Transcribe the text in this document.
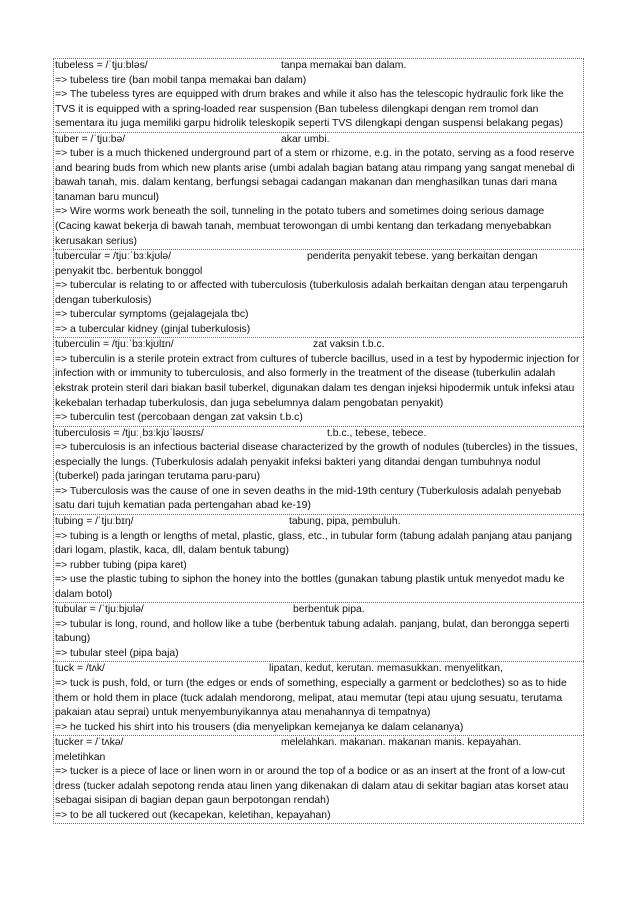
tubeless = /ˈtjuːbləs/	tanpa memakai ban dalam.
=> tubeless tire (ban mobil tanpa memakai ban dalam)
=> The tubeless tyres are equipped with drum brakes and while it also has the telescopic hydraulic fork like the TVS it is equipped with a spring-loaded rear suspension (Ban tubeless dilengkapi dengan rem tromol dan sementara itu juga memiliki garpu hidrolik teleskopik seperti TVS dilengkapi dengan suspensi belakang pegas)
tuber = /ˈtjuːbə/	akar umbi.
=> tuber is a much thickened underground part of a stem or rhizome, e.g. in the potato, serving as a food reserve and bearing buds from which new plants arise (umbi adalah bagian batang atau rimpang yang sangat menebal di bawah tanah, mis. dalam kentang, berfungsi sebagai cadangan makanan dan menghasilkan tunas dari mana tanaman baru muncul)
=> Wire worms work beneath the soil, tunneling in the potato tubers and sometimes doing serious damage (Cacing kawat bekerja di bawah tanah, membuat terowongan di umbi kentang dan terkadang menyebabkan kerusakan serius)
tubercular = /tjuːˈbɜːkjʊlə/	penderita penyakit tebese. yang berkaitan dengan
penyakit tbc. berbentuk bonggol
=> tubercular is relating to or affected with tuberculosis (tuberkulosis adalah berkaitan dengan atau terpengaruh dengan tuberkulosis)
=> tubercular symptoms (gejalagejala tbc)
=> a tubercular kidney (ginjal tuberkulosis)
tuberculin = /tjuːˈbɜːkjʊlɪn/	zat vaksin t.b.c.
=> tuberculin is a sterile protein extract from cultures of tubercle bacillus, used in a test by hypodermic injection for infection with or immunity to tuberculosis, and also formerly in the treatment of the disease (tuberkulin adalah ekstrak protein steril dari biakan basil tuberkel, digunakan dalam tes dengan injeksi hipodermik untuk infeksi atau kekebalan terhadap tuberkulosis, dan juga sebelumnya dalam pengobatan penyakit)
=> tuberculin test (percobaan dengan zat vaksin t.b.c)
tuberculosis = /tjuːˌbɜːkjʊˈləʊsɪs/	t.b.c., tebese, tebece.
=> tuberculosis is an infectious bacterial disease characterized by the growth of nodules (tubercles) in the tissues, especially the lungs. (Tuberkulosis adalah penyakit infeksi bakteri yang ditandai dengan tumbuhnya nodul (tuberkel) pada jaringan terutama paru-paru)
=> Tuberculosis was the cause of one in seven deaths in the mid-19th century (Tuberkulosis adalah penyebab satu dari tujuh kematian pada pertengahan abad ke-19)
tubing = /ˈtjuːbɪŋ/	tabung, pipa, pembuluh.
=> tubing is a length or lengths of metal, plastic, glass, etc., in tubular form (tabung adalah panjang atau panjang dari logam, plastik, kaca, dll, dalam bentuk tabung)
=> rubber tubing (pipa karet)
=> use the plastic tubing to siphon the honey into the bottles (gunakan tabung plastik untuk menyedot madu ke dalam botol)
tubular = /ˈtjuːbjʊlə/	berbentuk pipa.
=> tubular is long, round, and hollow like a tube (berbentuk tabung adalah. panjang, bulat, dan berongga seperti tabung)
=> tubular steel (pipa baja)
tuck = /tʌk/	lipatan, kedut, kerutan. memasukkan. menyelitkan,
=> tuck is push, fold, or turn (the edges or ends of something, especially a garment or bedclothes) so as to hide them or hold them in place (tuck adalah mendorong, melipat, atau memutar (tepi atau ujung sesuatu, terutama pakaian atau seprai) untuk menyembunyikannya atau menahannya di tempatnya)
=> he tucked his shirt into his trousers (dia menyelipkan kemejanya ke dalam celananya)
tucker = /ˈtʌkə/	melelahkan. makanan. makanan manis. kepayahan.
meletihkan
=> tucker is a piece of lace or linen worn in or around the top of a bodice or as an insert at the front of a low-cut dress (tucker adalah sepotong renda atau linen yang dikenakan di dalam atau di sekitar bagian atas korset atau sebagai sisipan di bagian depan gaun berpotongan rendah)
=> to be all tuckered out (kecapekan, keletihan, kepayahan)
